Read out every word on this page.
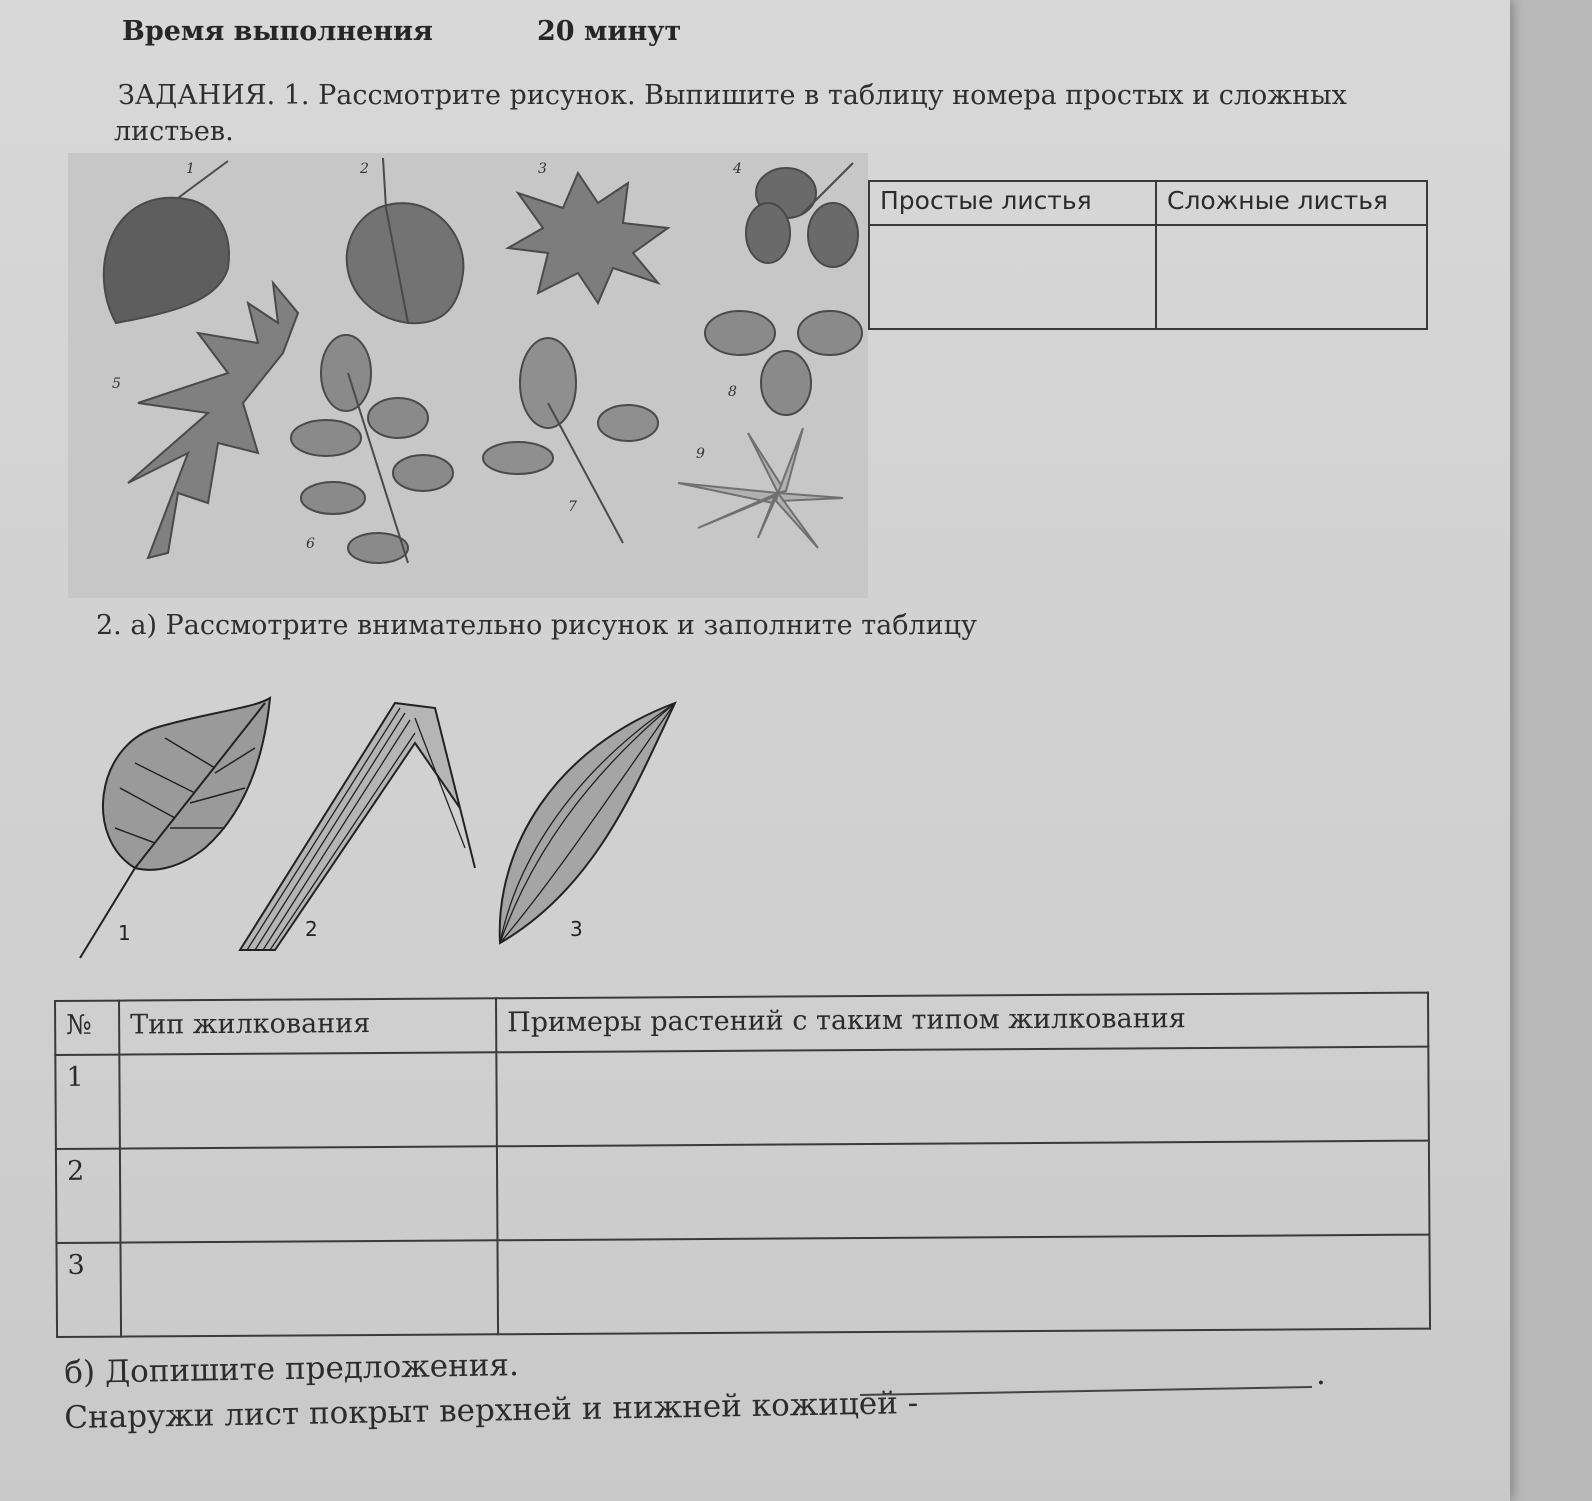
Время выполнения	20 минут
ЗАДАНИЯ. 1. Рассмотрите рисунок. Выпишите в таблицу номера простых и сложных
листьев.
1	2	3	4
5
6
7
8
9
Простые листья	Сложные листья

2. а) Рассмотрите внимательно рисунок и заполните таблицу
1	2	3
№	Тип жилкования	Примеры растений с таким типом жилкования
1		
2		
3		
б) Допишите предложения.
Снаружи лист покрыт верхней и нижней кожицей -
.
